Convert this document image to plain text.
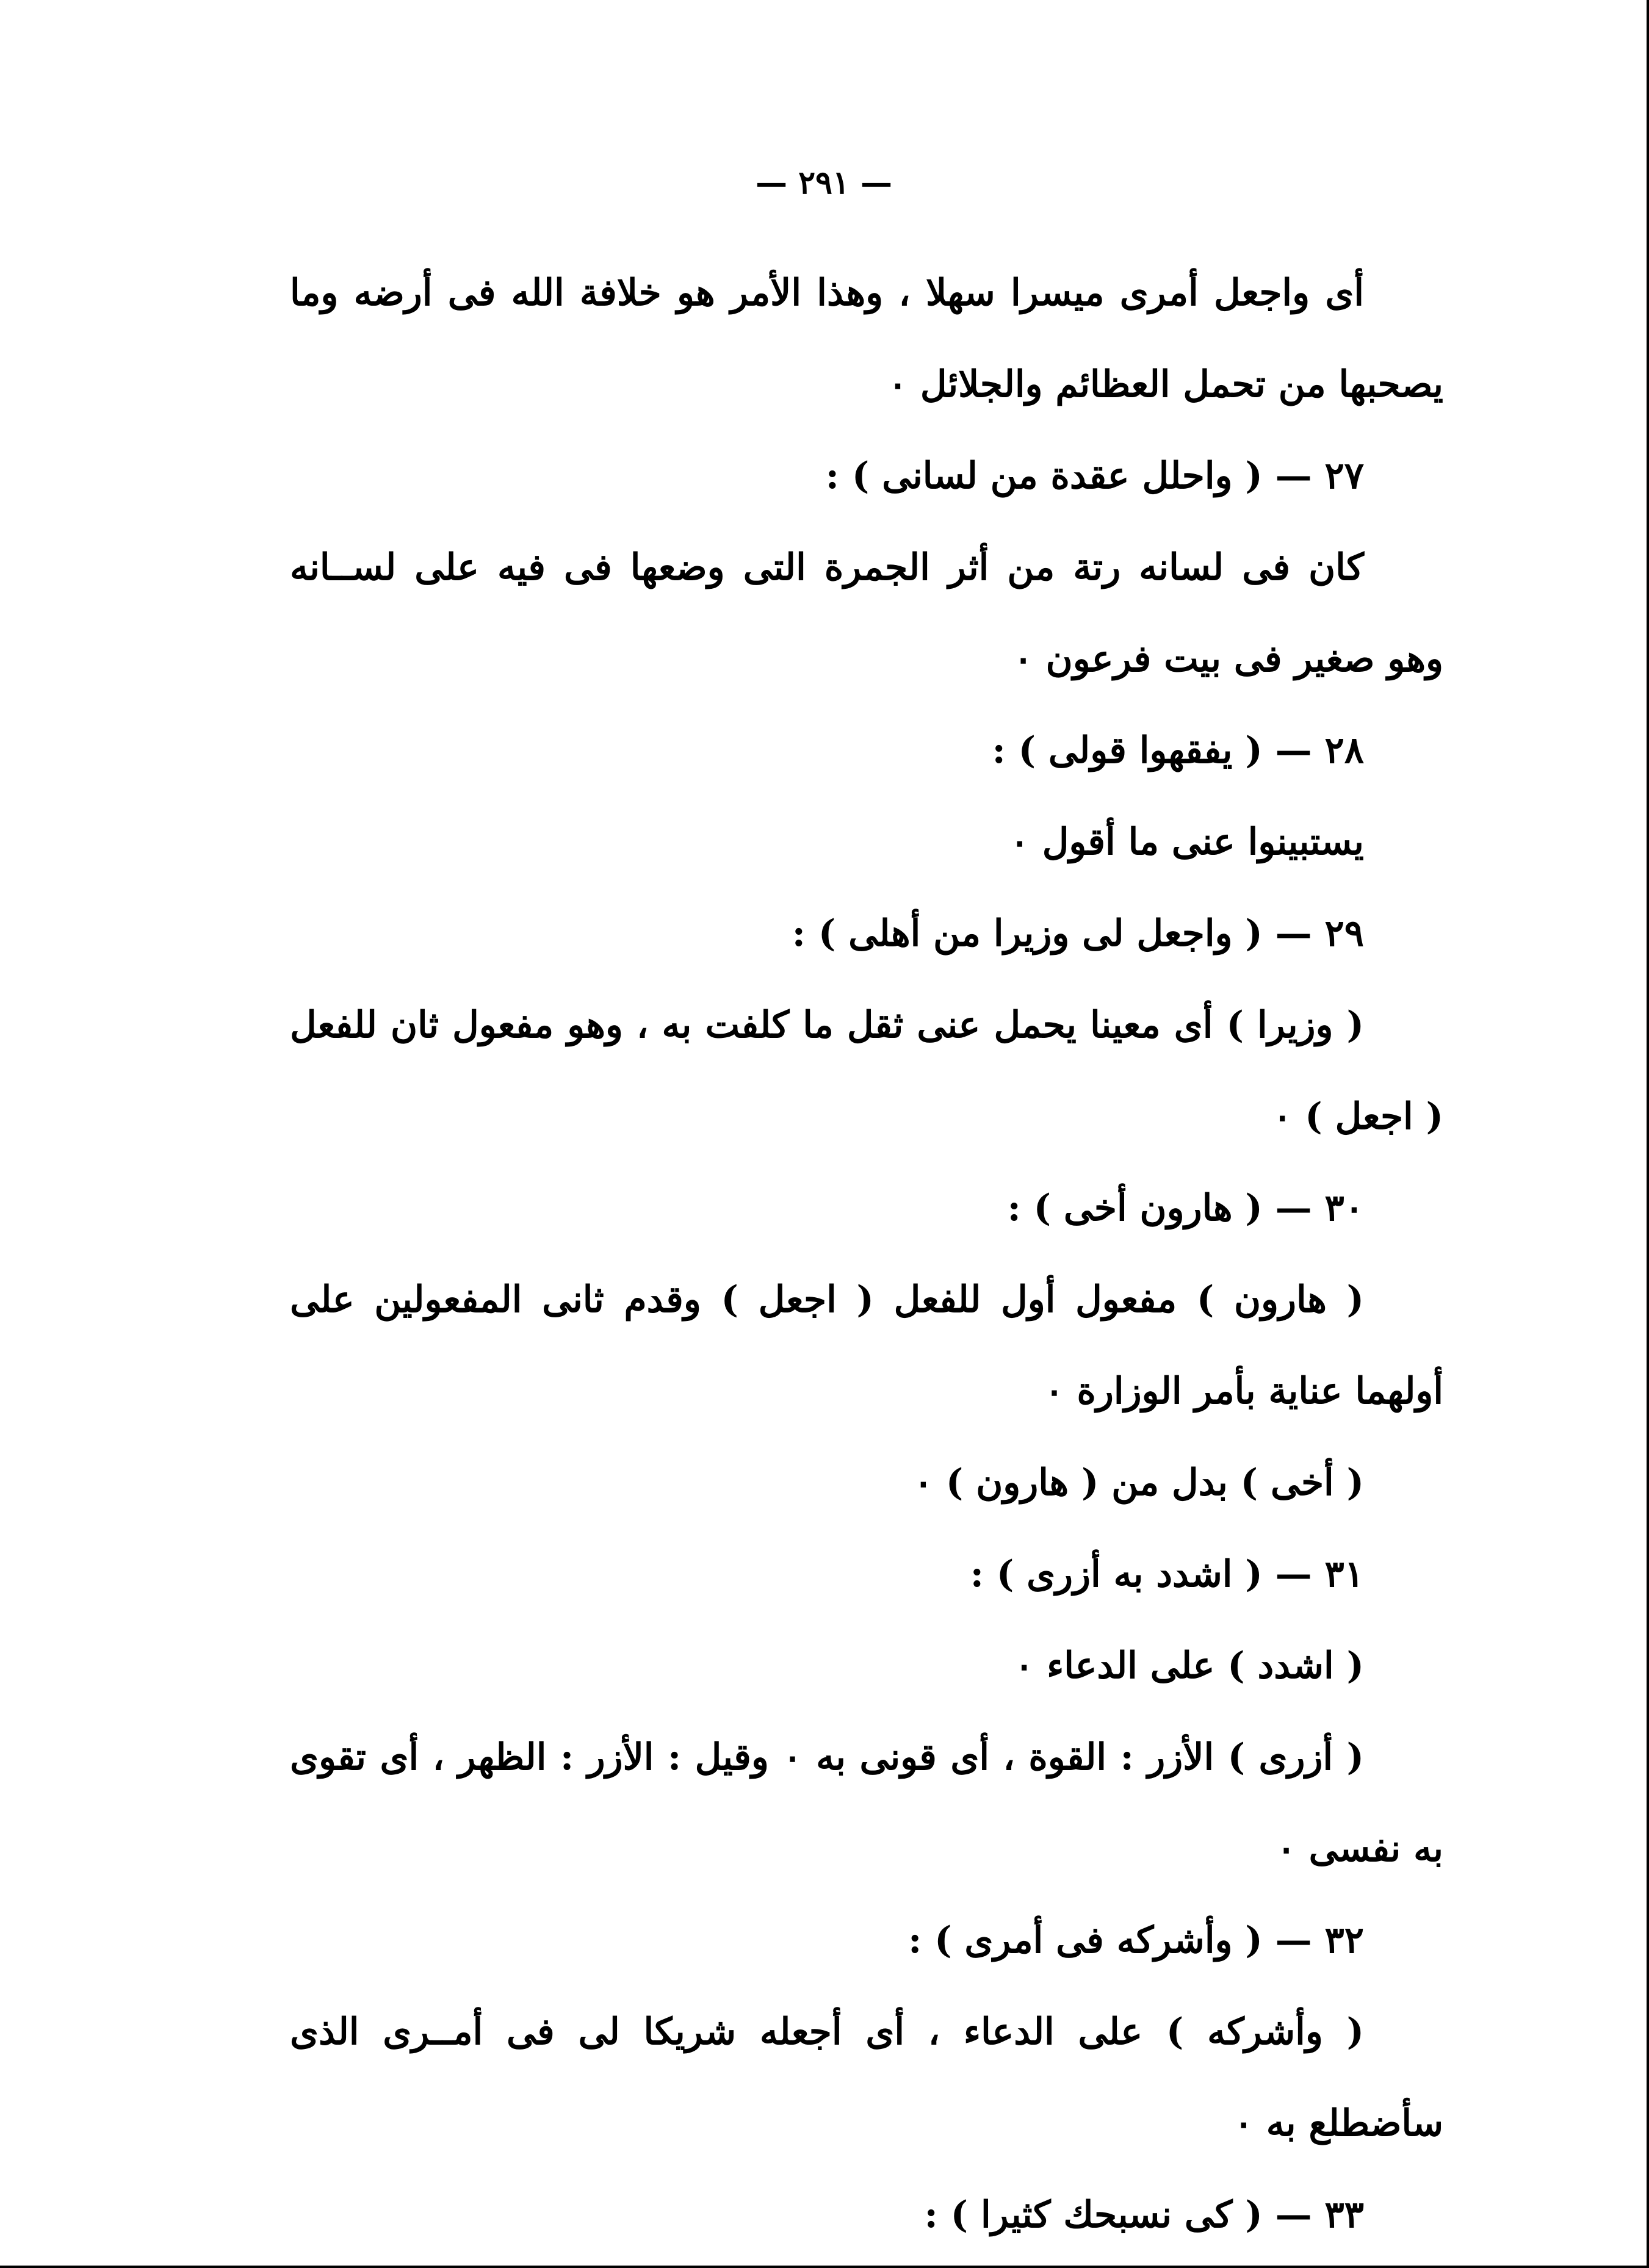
— ٢٩١ —

أى واجعل أمرى ميسرا سهلا ، وهذا الأمر هو خلافة الله فى أرضه وما يصحبها من تحمل العظائم والجلائل ٠

٢٧ — ( واحلل عقدة من لسانى ) :

كان فى لسانه رتة من أثر الجمرة التى وضعها فى فيه على لســانه وهو صغير فى بيت فرعون ٠

٢٨ — ( يفقهوا قولى ) :

يستبينوا عنى ما أقول ٠

٢٩ — ( واجعل لى وزيرا من أهلى ) :

( وزيرا ) أى معينا يحمل عنى ثقل ما كلفت به ، وهو مفعول ثان للفعل ( اجعل ) ٠

٣٠ — ( هارون أخى ) :

( هارون ) مفعول أول للفعل ( اجعل ) وقدم ثانى المفعولين على أولهما عناية بأمر الوزارة ٠

( أخى ) بدل من ( هارون ) ٠

٣١ — ( اشدد به أزرى ) :

( اشدد ) على الدعاء ٠

( أزرى ) الأزر : القوة ، أى قونى به ٠ وقيل : الأزر : الظهر ، أى تقوى به نفسى ٠

٣٢ — ( وأشركه فى أمرى ) :

( وأشركه ) على الدعاء ، أى أجعله شريكا لى فى أمــرى الذى سأضطلع به ٠

٣٣ — ( كى نسبحك كثيرا ) :
